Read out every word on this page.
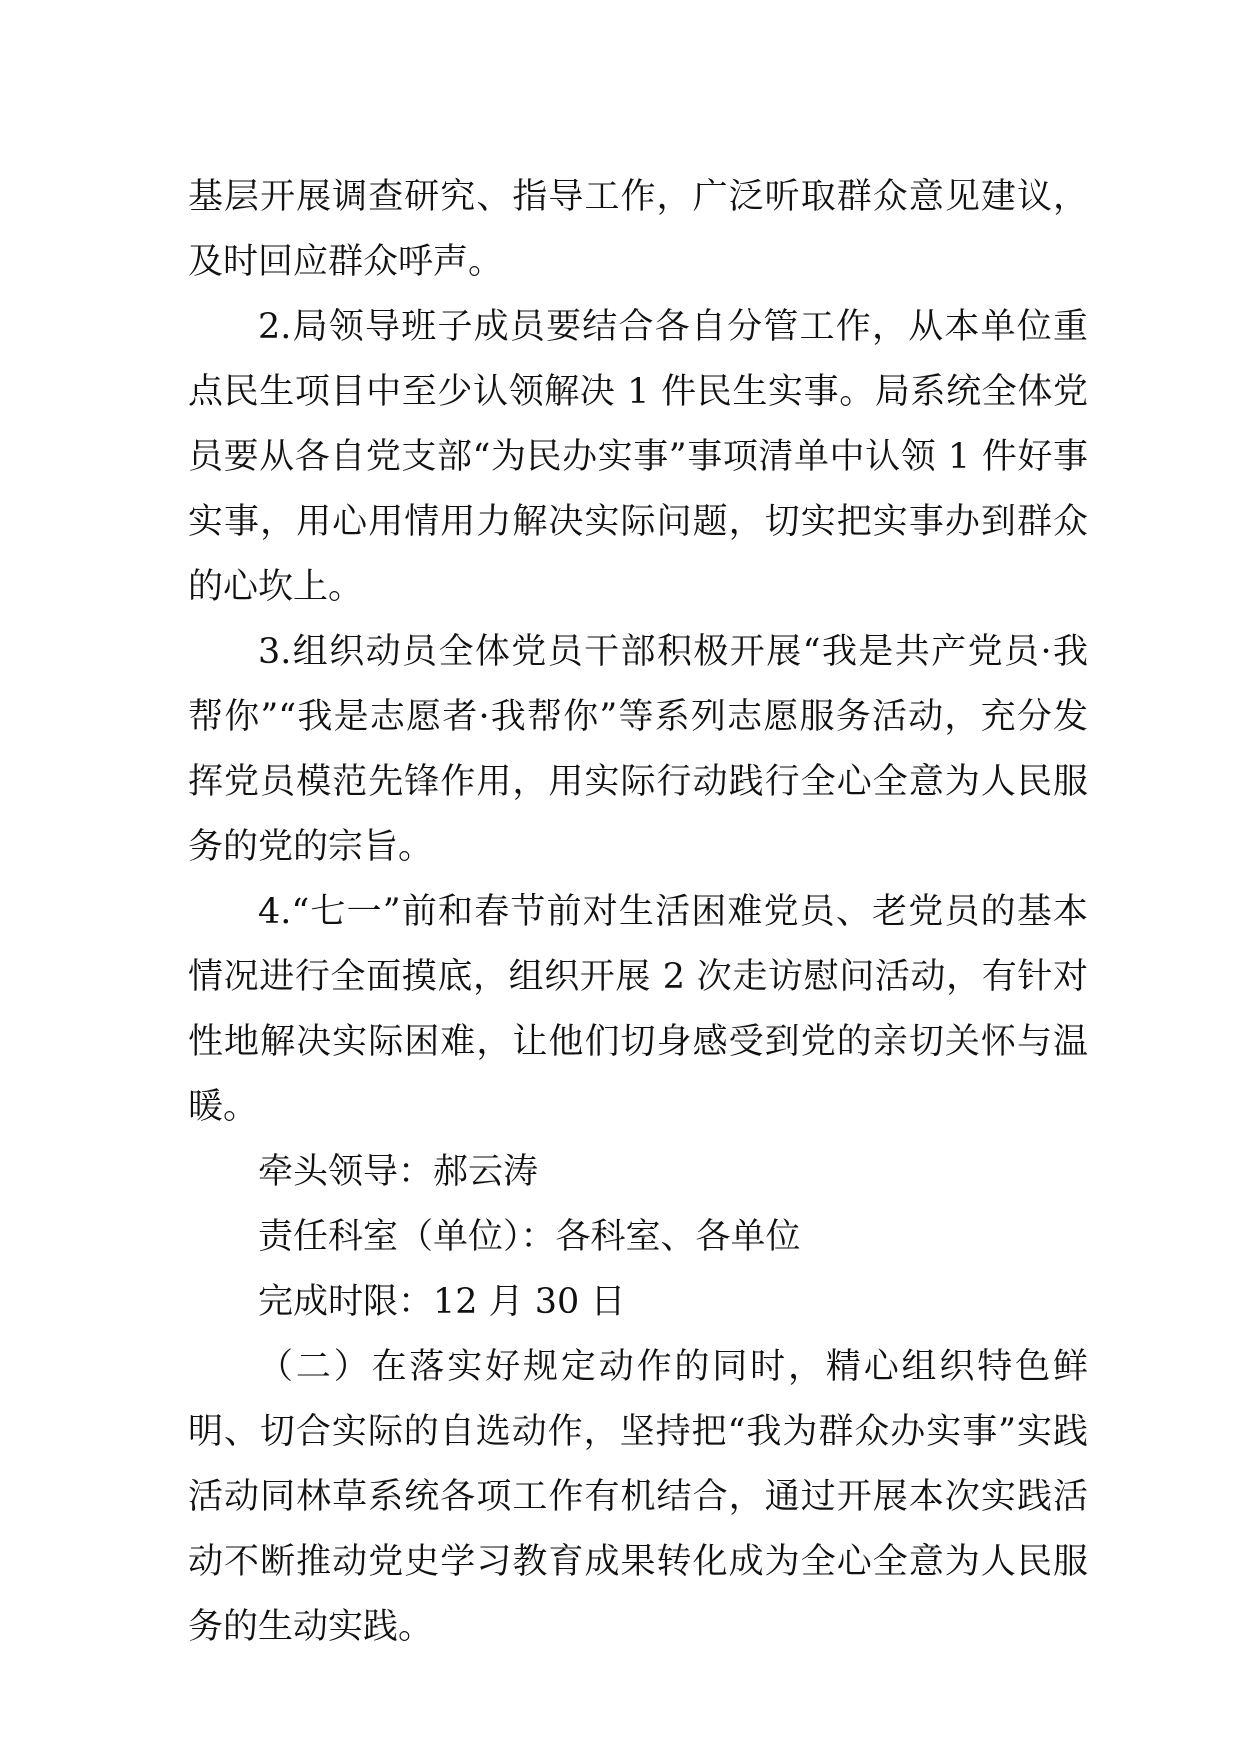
基层开展调查研究、指导工作，广泛听取群众意见建议，及时回应群众呼声。

2.局领导班子成员要结合各自分管工作，从本单位重点民生项目中至少认领解决 1 件民生实事。局系统全体党员要从各自党支部“为民办实事”事项清单中认领 1 件好事实事，用心用情用力解决实际问题，切实把实事办到群众的心坎上。

3.组织动员全体党员干部积极开展“我是共产党员·我帮你”“我是志愿者·我帮你”等系列志愿服务活动，充分发挥党员模范先锋作用，用实际行动践行全心全意为人民服务的党的宗旨。

4.“七一”前和春节前对生活困难党员、老党员的基本情况进行全面摸底，组织开展 2 次走访慰问活动，有针对性地解决实际困难，让他们切身感受到党的亲切关怀与温暖。

牵头领导：郝云涛

责任科室（单位）：各科室、各单位

完成时限：12 月 30 日

（二）在落实好规定动作的同时，精心组织特色鲜明、切合实际的自选动作，坚持把“我为群众办实事”实践活动同林草系统各项工作有机结合，通过开展本次实践活动不断推动党史学习教育成果转化成为全心全意为人民服务的生动实践。
